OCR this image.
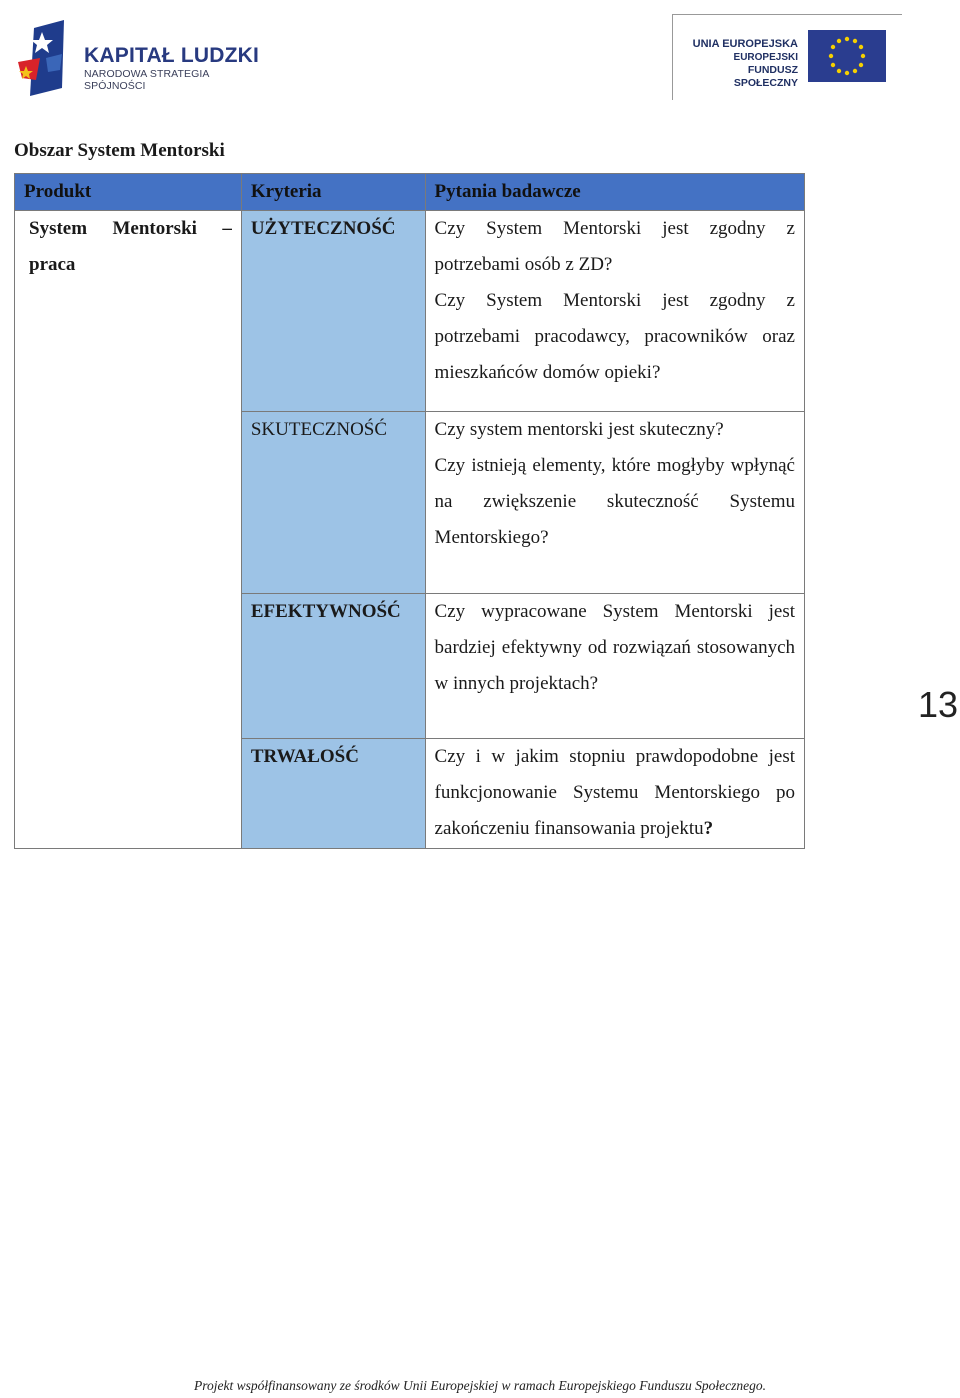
KAPITAŁ LUDZKI
NARODOWA STRATEGIA SPÓJNOŚCI
UNIA EUROPEJSKA
EUROPEJSKI
FUNDUSZ SPOŁECZNY
Obszar System Mentorski
Produkt	Kryteria	Pytania badawcze
System Mentorski – praca	UŻYTECZNOŚĆ	Czy System Mentorski jest zgodny z potrzebami osób z ZD?
Czy System Mentorski jest zgodny z potrzebami pracodawcy, pracowników oraz mieszkańców domów opieki?

	SKUTECZNOŚĆ	Czy system mentorski jest skuteczny?
Czy istnieją elementy, które mogłyby wpłynąć na zwiększenie skuteczność Systemu Mentorskiego?

	EFEKTYWNOŚĆ	Czy wypracowane System Mentorski jest bardziej efektywny od rozwiązań stosowanych w innych projektach?

	TRWAŁOŚĆ	Czy i w jakim stopniu prawdopodobne jest funkcjonowanie Systemu Mentorskiego po zakończeniu finansowania projektu?
13
Projekt współfinansowany ze środków Unii Europejskiej w ramach Europejskiego Funduszu Społecznego.
